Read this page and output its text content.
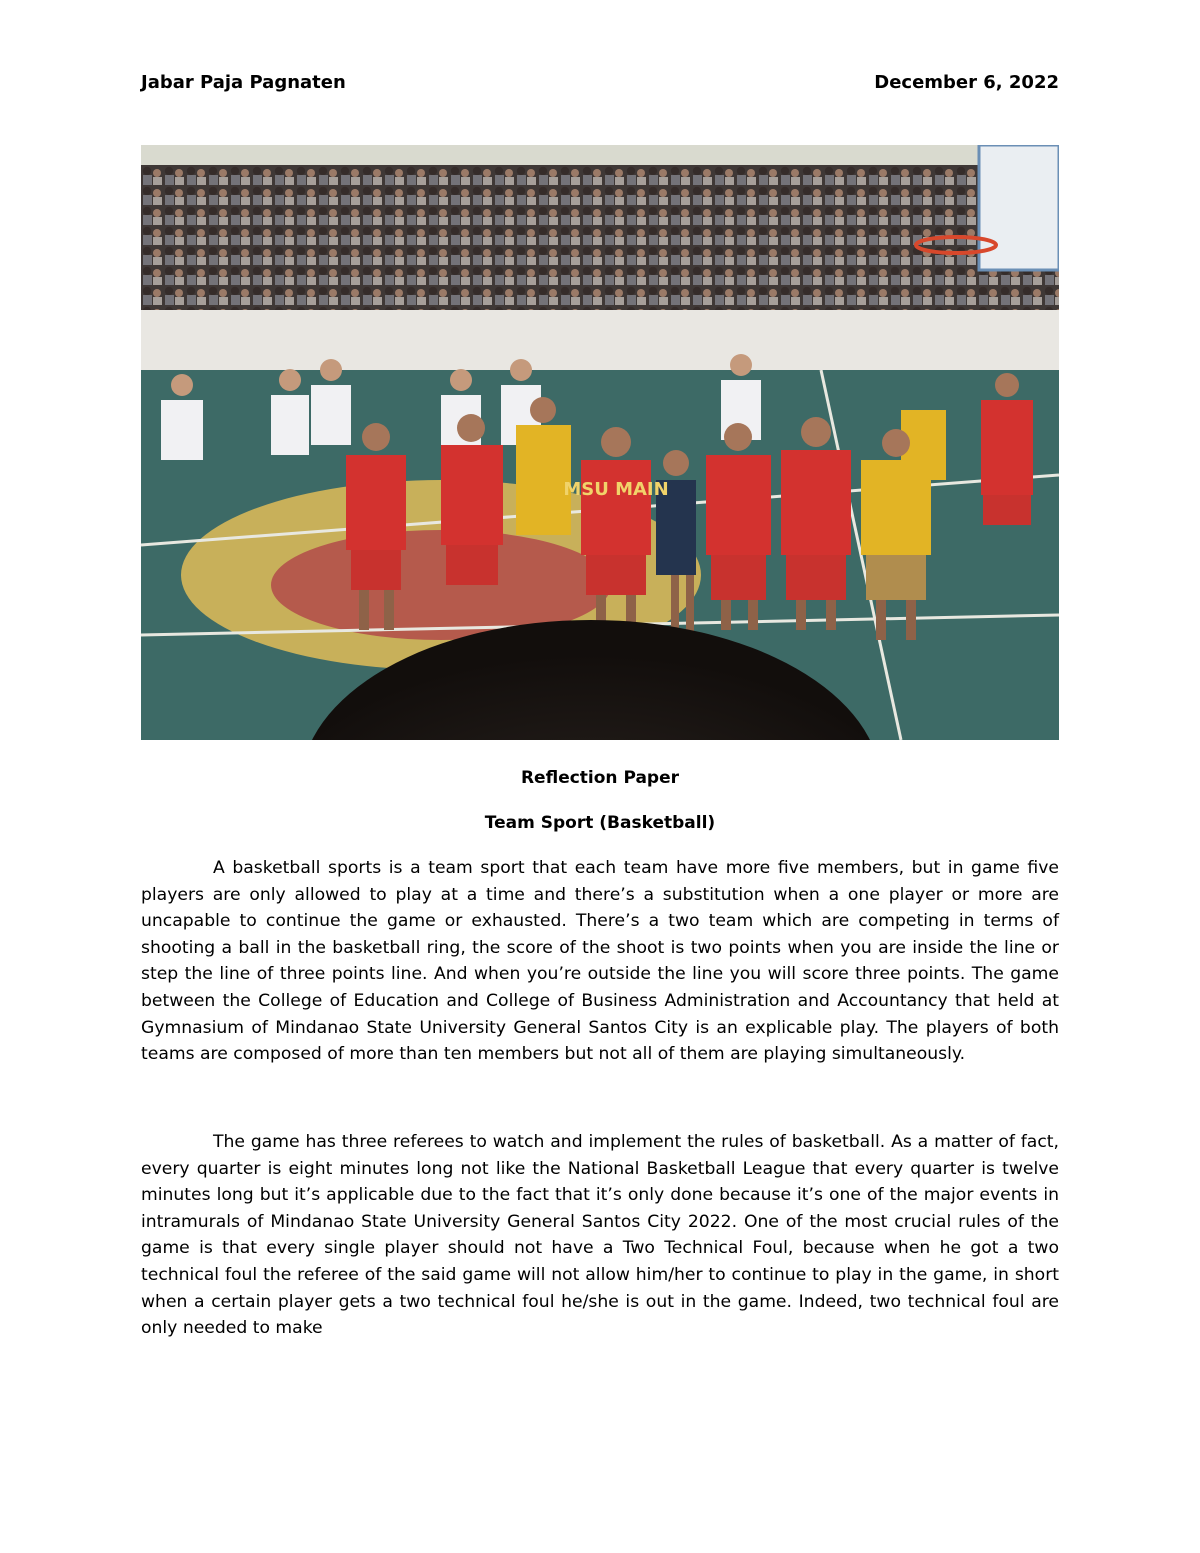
Jabar Paja Pagnaten	December 6, 2022
MSU MAIN
Reflection Paper
Team Sport (Basketball)
A basketball sports is a team sport that each team have more five members, but in game five players are only allowed to play at a time and there’s a substitution when a one player or more are uncapable to continue the game or exhausted. There’s a two team which are competing in terms of shooting a ball in the basketball ring, the score of the shoot is two points when you are inside the line or step the line of three points line. And when you’re outside the line you will score three points. The game between the College of Education and College of Business Administration and Accountancy that held at Gymnasium of Mindanao State University General Santos City is an explicable play. The players of both teams are composed of more than ten members but not all of them are playing simultaneously.
The game has three referees to watch and implement the rules of basketball. As a matter of fact, every quarter is eight minutes long not like the National Basketball League that every quarter is twelve minutes long but it’s applicable due to the fact that it’s only done because it’s one of the major events in intramurals of Mindanao State University General Santos City 2022. One of the most crucial rules of the game is that every single player should not have a Two Technical Foul, because when he got a two technical foul the referee of the said game will not allow him/her to continue to play in the game, in short when a certain player gets a two technical foul he/she is out in the game. Indeed, two technical foul are only needed to make
